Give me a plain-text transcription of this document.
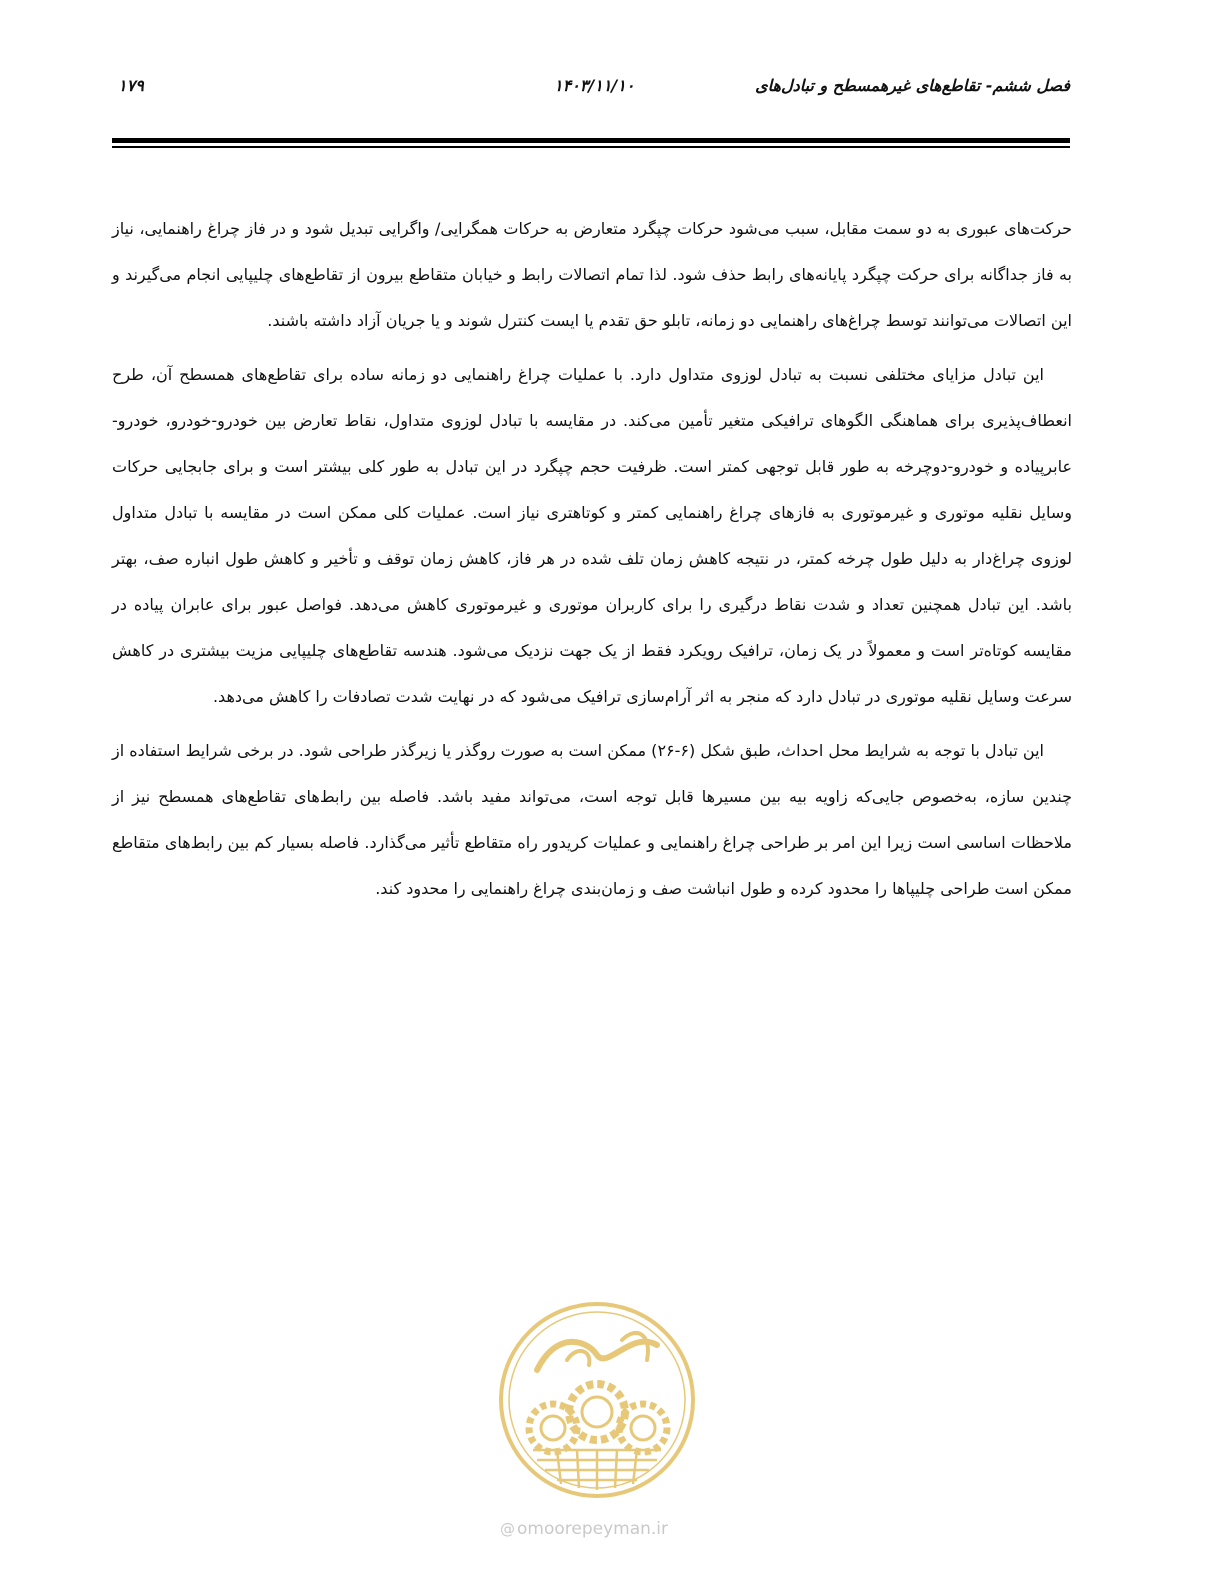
۱۷۹	۱۴۰۳/۱۱/۱۰	فصل ششم- تقاطع‌های غیرهمسطح و تبادل‌های

حرکت‌های عبوری به دو سمت مقابل، سبب می‌شود حرکات چپگرد متعارض به حرکات همگرایی/ واگرایی تبدیل شود و در فاز چراغ راهنمایی، نیاز به فاز جداگانه برای حرکت چپگرد پایانه‌های رابط حذف شود. لذا تمام اتصالات رابط و خیابان متقاطع بیرون از تقاطع‌های چلیپایی انجام می‌گیرند و این اتصالات می‌توانند توسط چراغ‌های راهنمایی دو زمانه، تابلو حق تقدم یا ایست کنترل شوند و یا جریان آزاد داشته باشند.

این تبادل مزایای مختلفی نسبت به تبادل لوزوی متداول دارد. با عملیات چراغ راهنمایی دو زمانه ساده برای تقاطع‌های همسطح آن، طرح انعطاف‌پذیری برای هماهنگی الگوهای ترافیکی متغیر تأمین می‌کند. در مقایسه با تبادل لوزوی متداول، نقاط تعارض بین خودرو-خودرو، خودرو-عابرپیاده و خودرو-دوچرخه به طور قابل توجهی کمتر است. ظرفیت حجم چپگرد در این تبادل به طور کلی بیشتر است و برای جابجایی حرکات وسایل نقلیه موتوری و غیرموتوری به فازهای چراغ راهنمایی کمتر و کوتاهتری نیاز است. عملیات کلی ممکن است در مقایسه با تبادل متداول لوزوی چراغ‌دار به دلیل طول چرخه کمتر، در نتیجه کاهش زمان تلف شده در هر فاز، کاهش زمان توقف و تأخیر و کاهش طول انباره صف، بهتر باشد. این تبادل همچنین تعداد و شدت نقاط درگیری را برای کاربران موتوری و غیرموتوری کاهش می‌دهد. فواصل عبور برای عابران پیاده در مقایسه کوتاه‌تر است و معمولاً در یک زمان، ترافیک رویکرد فقط از یک جهت نزدیک می‌شود. هندسه تقاطع‌های چلیپایی مزیت بیشتری در کاهش سرعت وسایل نقلیه موتوری در تبادل دارد که منجر به اثر آرام‌سازی ترافیک می‌شود که در نهایت شدت تصادفات را کاهش می‌دهد.

این تبادل با توجه به شرایط محل احداث، طبق شکل (۶-۲۶) ممکن است به صورت روگذر یا زیرگذر طراحی شود. در برخی شرایط استفاده از چندین سازه، به‌خصوص جایی‌که زاویه بیه بین مسیرها قابل توجه است، می‌تواند مفید باشد. فاصله بین رابط‌های تقاطع‌های همسطح نیز از ملاحظات اساسی است زیرا این امر بر طراحی چراغ راهنمایی و عملیات کریدور راه متقاطع تأثیر می‌گذارد. فاصله بسیار کم بین رابط‌های متقاطع ممکن است طراحی چلیپاها را محدود کرده و طول انباشت صف و زمان‌بندی چراغ راهنمایی را محدود کند.

@ omoorepeyman.ir
